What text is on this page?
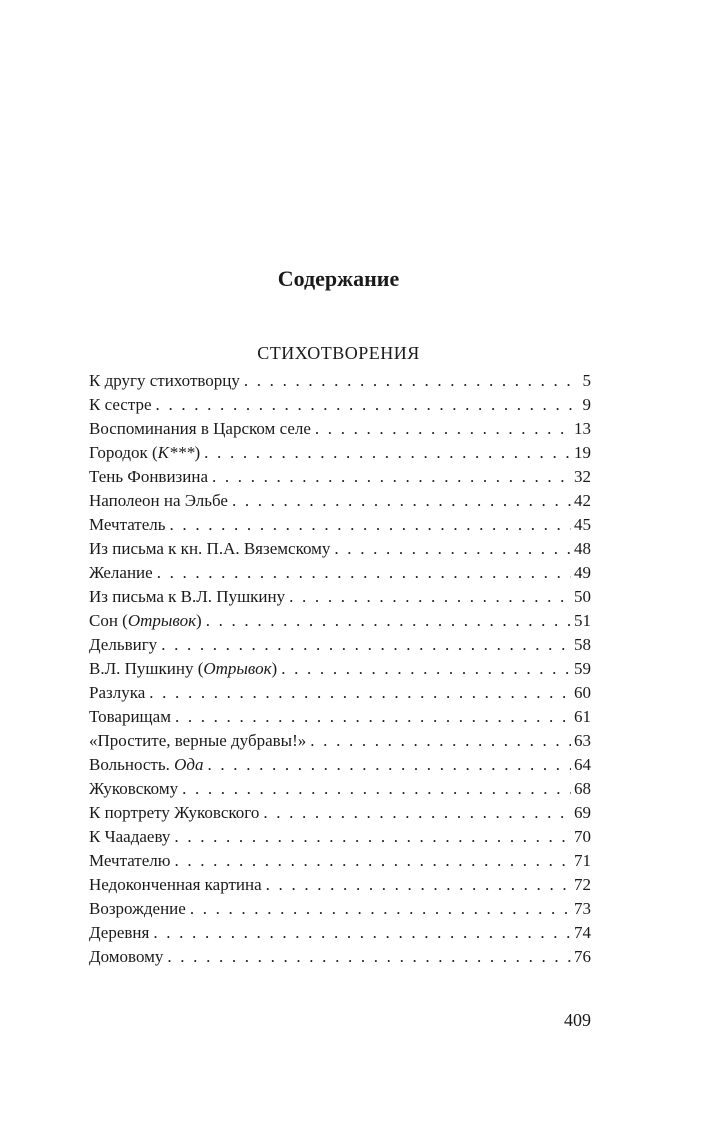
Содержание
СТИХОТВОРЕНИЯ
К другу стихотворцу . . .	5
К сестре . . .	9
Воспоминания в Царском селе . . .	13
Городок (К***) . . .	19
Тень Фонвизина . . .	32
Наполеон на Эльбе . . .	42
Мечтатель . . .	45
Из письма к кн. П.А. Вяземскому . . .	48
Желание . . .	49
Из письма к В.Л. Пушкину . . .	50
Сон (Отрывок) . . .	51
Дельвигу . . .	58
В.Л. Пушкину (Отрывок) . . .	59
Разлука . . .	60
Товарищам . . .	61
«Простите, верные дубравы!» . . .	63
Вольность. Ода . . .	64
Жуковскому . . .	68
К портрету Жуковского . . .	69
К Чаадаеву . . .	70
Мечтателю . . .	71
Недоконченная картина . . .	72
Возрождение . . .	73
Деревня . . .	74
Домовому . . .	76
409
